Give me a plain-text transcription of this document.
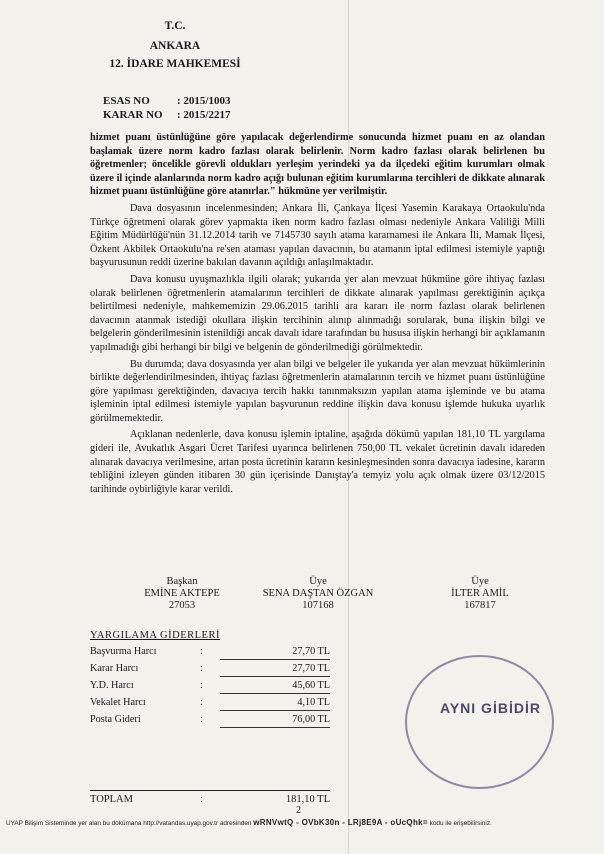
T.C.
ANKARA
12. İDARE MAHKEMESİ
ESAS NO : 2015/1003
KARAR NO : 2015/2217

hizmet puanı üstünlüğüne göre yapılacak değerlendirme sonucunda hizmet puanı en az olandan başlamak üzere norm kadro fazlası olarak belirlenir. Norm kadro fazlası olarak belirlenen bu öğretmenler; öncelikle görevli oldukları yerleşim yerindeki ya da ilçedeki eğitim kurumları olmak üzere il içinde alanlarında norm kadro açığı bulunan eğitim kurumlarına tercihleri de dikkate alınarak hizmet puanı üstünlüğüne göre atanırlar." hükmüne yer verilmiştir.

Dava dosyasının incelenmesinden; Ankara İli, Çankaya İlçesi Yasemin Karakaya Ortaokulu'nda Türkçe öğretmeni olarak görev yapmakta iken norm kadro fazlası olması nedeniyle Ankara Valiliği Milli Eğitim Müdürlüğü'nün 31.12.2014 tarih ve 7145730 sayılı atama kararnamesi ile Ankara İli, Mamak İlçesi, Özkent Akbilek Ortaokulu'na re'sen ataması yapılan davacının, bu atamanın iptal edilmesi istemiyle yaptığı başvurusunun reddi üzerine bakılan davanın açıldığı anlaşılmaktadır.

Dava konusu uyuşmazlıkla ilgili olarak; yukarıda yer alan mevzuat hükmüne göre ihtiyaç fazlası olarak belirlenen öğretmenlerin atamalarının tercihleri de dikkate alınarak yapılması gerektiğinin açıkça belirtilmesi nedeniyle, mahkememizin 29.06.2015 tarihli ara kararı ile norm fazlası olarak belirlenen davacının atanmak istediği okullara ilişkin tercihinin alınıp alınmadığı sorularak, buna ilişkin bilgi ve belgelerin gönderilmesinin istenildiği ancak davalı idare tarafından bu hususa ilişkin herhangi bir açıklamanın yapılmadığı gibi herhangi bir bilgi ve belgenin de gönderilmediği görülmektedir.

Bu durumda; dava dosyasında yer alan bilgi ve belgeler ile yukarıda yer alan mevzuat hükümlerinin birlikte değerlendirilmesinden, ihtiyaç fazlası öğretmenlerin atamalarının tercih ve hizmet puanı üstünlüğüne göre yapılması gerektiğinden, davacıya tercih hakkı tanınmaksızın yapılan atama işleminde ve bu atama işleminin iptal edilmesi istemiyle yapılan başvurunun reddine ilişkin dava konusu işlemde hukuka uyarlık görülmemektedir.

Açıklanan nedenlerle, dava konusu işlemin iptaline, aşağıda dökümü yapılan 181,10 TL yargılama gideri ile, Avukatlık Asgari Ücret Tarifesi uyarınca belirlenen 750,00 TL vekalet ücretinin davalı idareden alınarak davacıya verilmesine, artan posta ücretinin kararın kesinleşmesinden sonra davacıya iadesine, kararın tebliğini izleyen günden itibaren 30 gün içerisinde Danıştay'a temyiz yolu açık olmak üzere 03/12/2015 tarihinde oybirliğiyle karar verildi.

Başkan
EMİNE AKTEPE
27053
Üye
SENA DAŞTAN ÖZGAN
107168
Üye
İLTER AMİL
167817
YARGILAMA GİDERLERİ
Başvurma Harcı	:	27,70 TL
Karar Harcı	:	27,70 TL
Y.D. Harcı	:	45,60 TL
Vekalet Harcı	:	4,10 TL
Posta Gideri	:	76,00 TL
TOPLAM	:	181,10 TL
AYNI GİBİDİR
2
UYAP Bilişim Sisteminde yer alan bu dokümana http://vatandas.uyap.gov.tr adresinden wRNVwtQ - OVbK30n - LRj8E9A - oUcQhk= kodu ile erişebilirsiniz.
